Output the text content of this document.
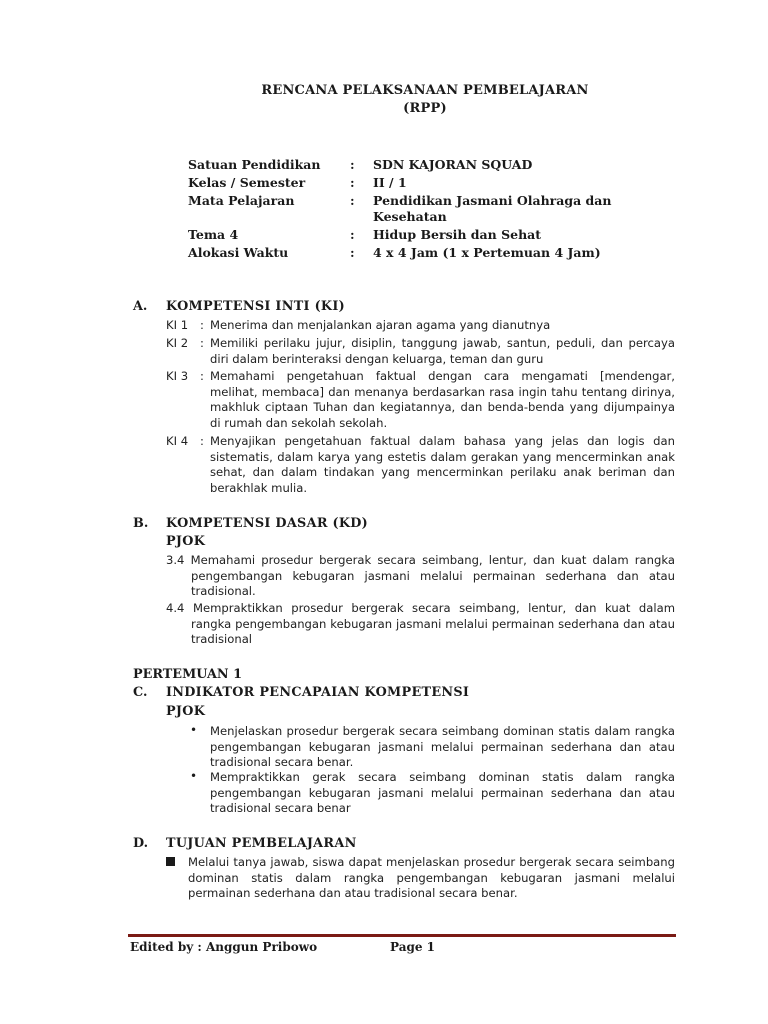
RENCANA PELAKSANAAN PEMBELAJARAN

(RPP)

Satuan Pendidikan : SDN KAJORAN SQUAD

Kelas / Semester	: II / 1

Mata Pelajaran	: Pendidikan Jasmani Olahraga dan Kesehatan

Tema 4	: Hidup Bersih dan Sehat

Alokasi Waktu	: 4 x 4 Jam (1 x Pertemuan 4 Jam)

A. KOMPETENSI INTI (KI)

KI 1 : Menerima dan menjalankan ajaran agama yang dianutnya

KI 2 : Memiliki perilaku jujur, disiplin, tanggung jawab, santun, peduli, dan percaya diri dalam berinteraksi dengan keluarga, teman dan guru

KI 3 : Memahami pengetahuan faktual dengan cara mengamati [mendengar, melihat, membaca] dan menanya berdasarkan rasa ingin tahu tentang dirinya, makhluk ciptaan Tuhan dan kegiatannya, dan benda-benda yang dijumpainya di rumah dan sekolah sekolah.

KI 4 : Menyajikan pengetahuan faktual dalam bahasa yang jelas dan logis dan sistematis, dalam karya yang estetis dalam gerakan yang mencerminkan anak sehat, dan dalam tindakan yang mencerminkan perilaku anak beriman dan berakhlak mulia.

B. KOMPETENSI DASAR (KD)

PJOK

3.4 Memahami prosedur bergerak secara seimbang, lentur, dan kuat dalam rangka pengembangan kebugaran jasmani melalui permainan sederhana dan atau tradisional.

4.4 Mempraktikkan prosedur bergerak secara seimbang, lentur, dan kuat dalam rangka pengembangan kebugaran jasmani melalui permainan sederhana dan atau tradisional

PERTEMUAN 1

C. INDIKATOR PENCAPAIAN KOMPETENSI

PJOK

• Menjelaskan prosedur bergerak secara seimbang dominan statis dalam rangka pengembangan kebugaran jasmani melalui permainan sederhana dan atau tradisional secara benar.

• Mempraktikkan gerak secara seimbang dominan statis dalam rangka pengembangan kebugaran jasmani melalui permainan sederhana dan atau tradisional secara benar

D. TUJUAN PEMBELAJARAN

Melalui tanya jawab, siswa dapat menjelaskan prosedur bergerak secara seimbang dominan statis dalam rangka pengembangan kebugaran jasmani melalui permainan sederhana dan atau tradisional secara benar.

Edited by : Anggun Pribowo	Page 1
